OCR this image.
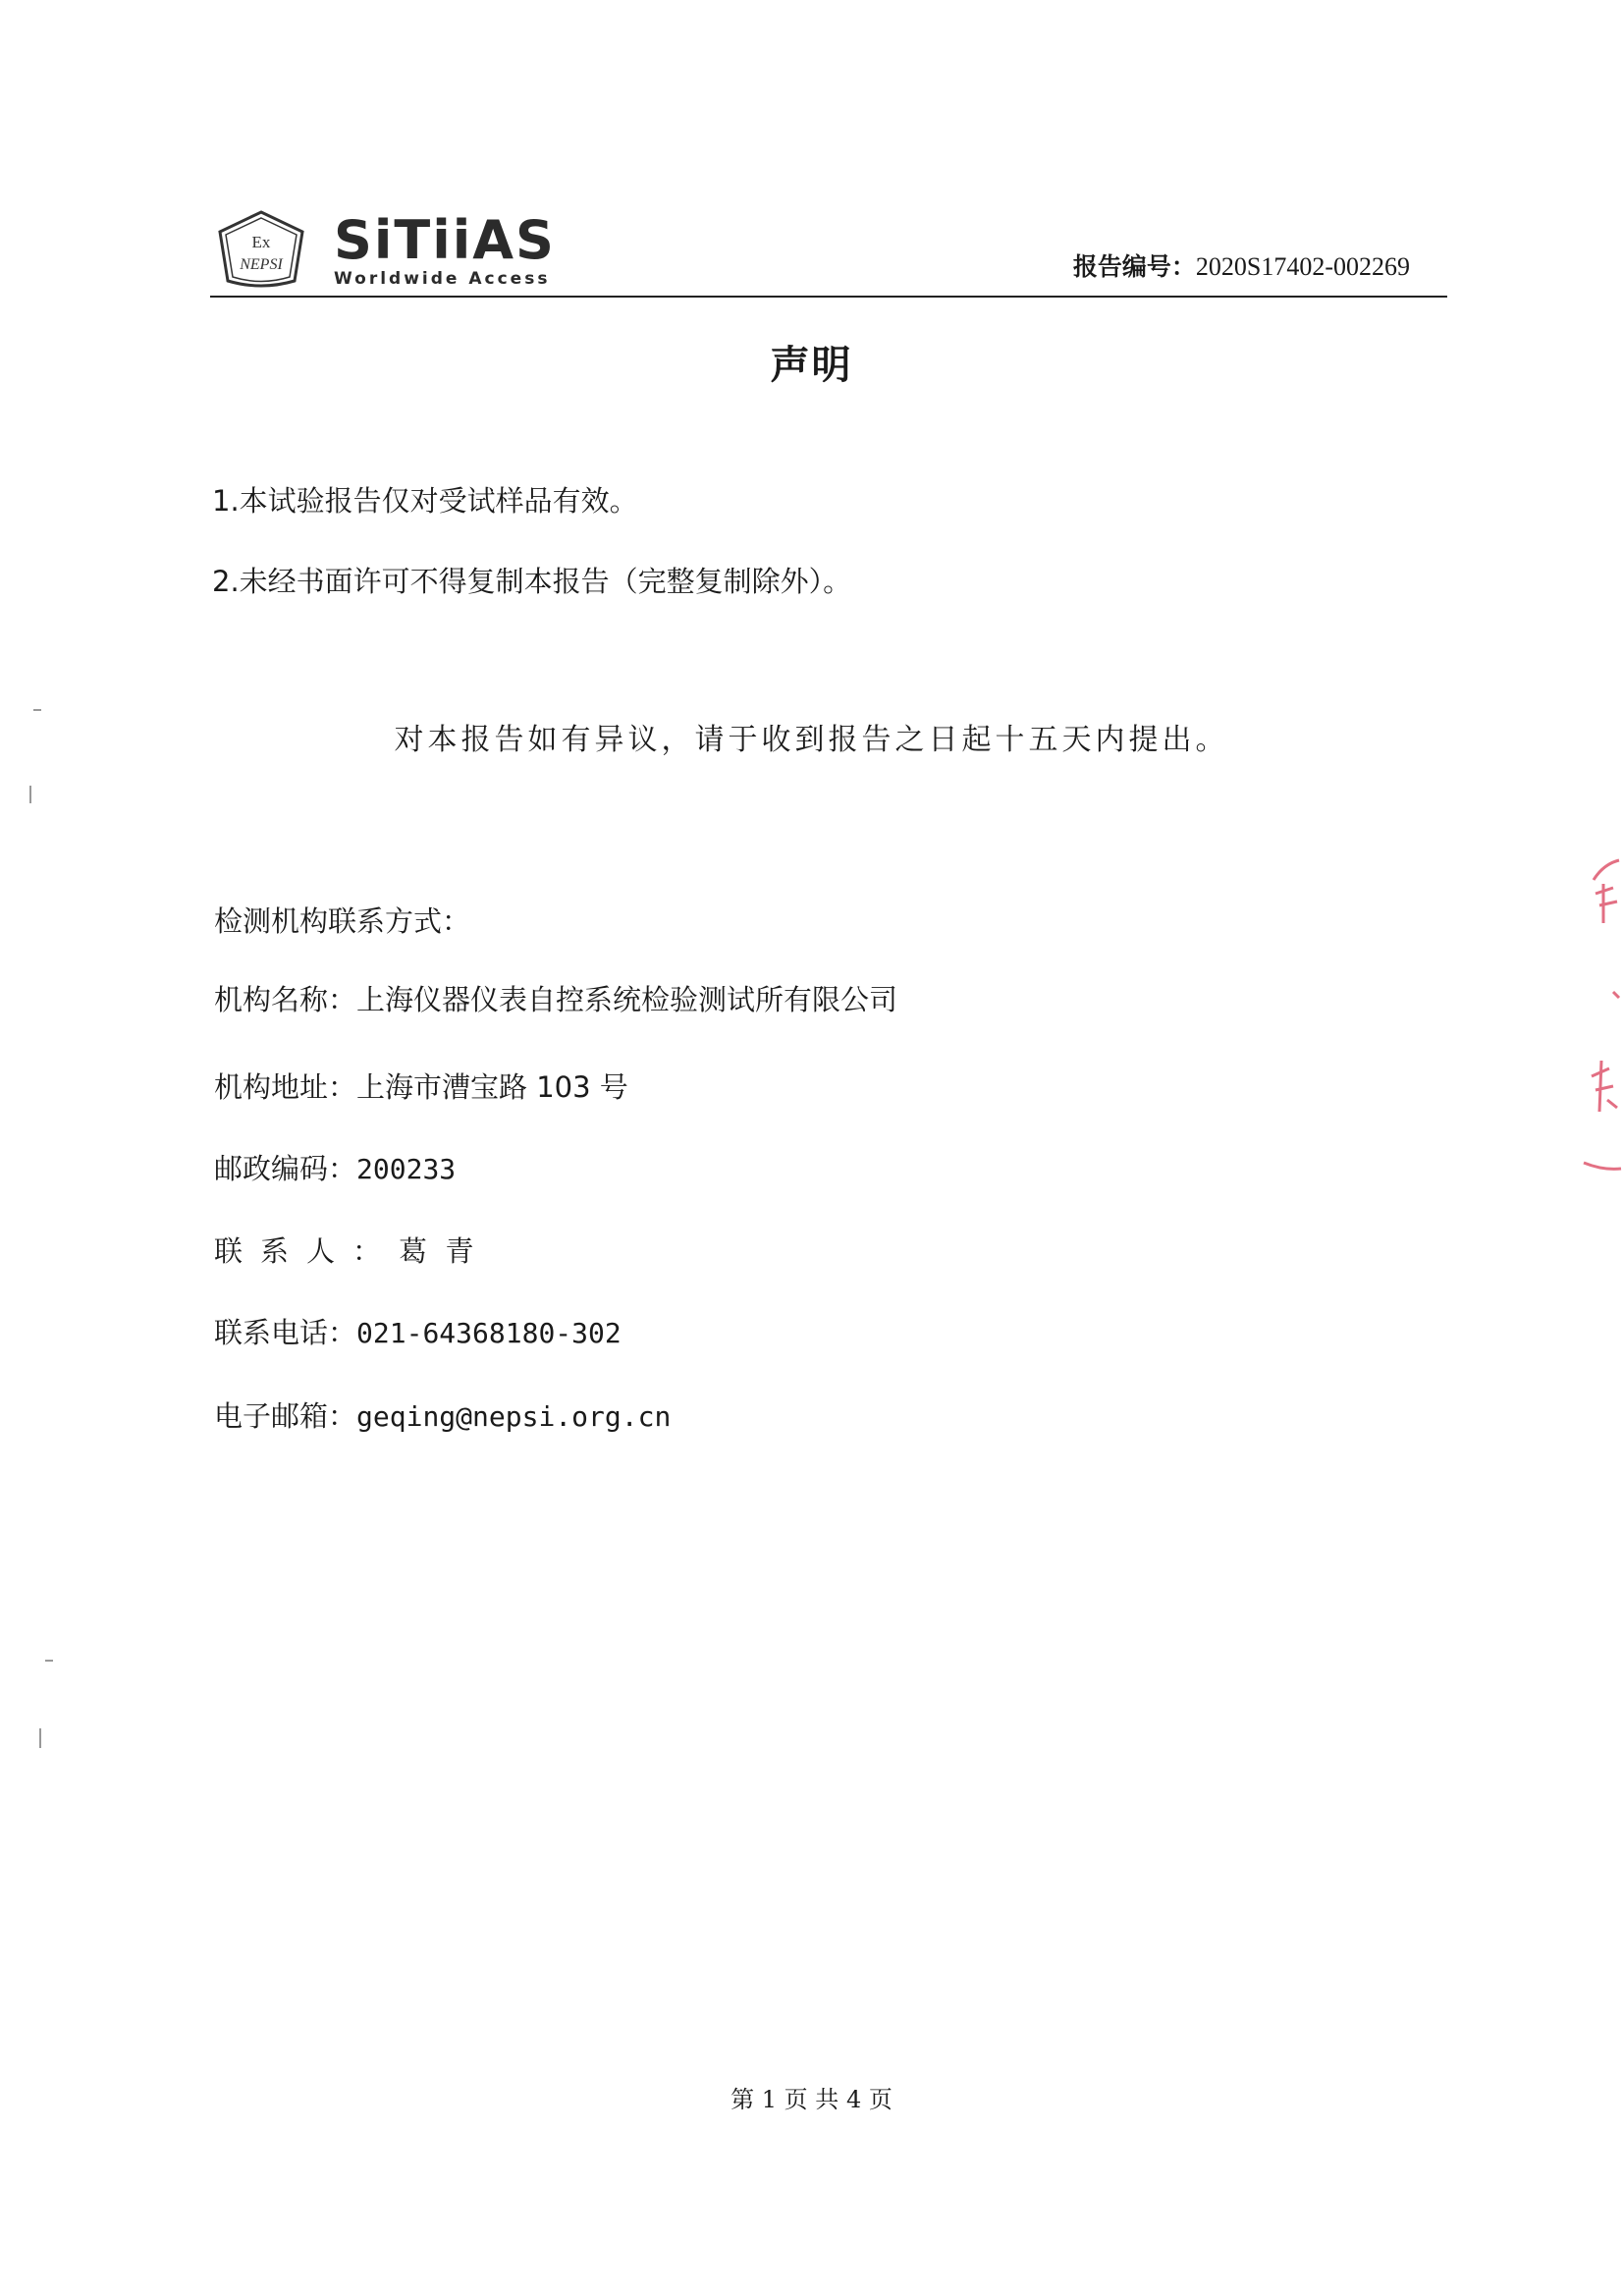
Ex
NEPSI SiTiiAS
Worldwide Access	报告编号：2020S17402-002269
声明
1.本试验报告仅对受试样品有效。
2.未经书面许可不得复制本报告（完整复制除外）。
对本报告如有异议，请于收到报告之日起十五天内提出。
检测机构联系方式：
机构名称：上海仪器仪表自控系统检验测试所有限公司
机构地址：上海市漕宝路 103 号
邮政编码：200233
联系人：葛  青
联系电话：021-64368180-302
电子邮箱：geqing@nepsi.org.cn
第 1 页 共 4 页
